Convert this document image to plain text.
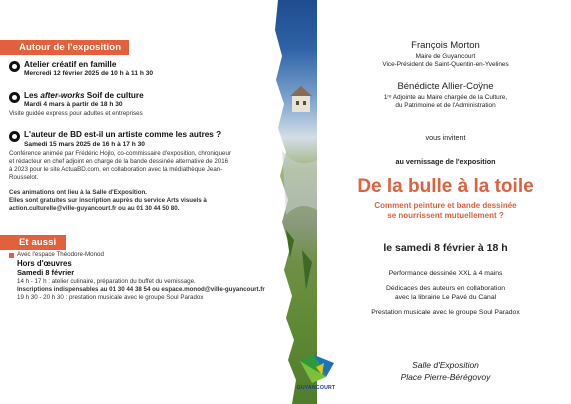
Autour de l'exposition
Atelier créatif en famille
Mercredi 12 février 2025 de 10 h à 11 h 30
Les after-works Soif de culture
Mardi 4 mars à partir de 18 h 30
Visite guidée express pour adultes et entreprises
L'auteur de BD est-il un artiste comme les autres ?
Samedi 15 mars 2025 de 16 h à 17 h 30
Conférence animée par Frédéric Hojlo, co-commissaire d'exposition, chroniqueur
et rédacteur en chef adjoint en charge de la bande dessinée alternative de 2016
à 2023 pour le site ActuaBD.com, en collaboration avec la médiathèque Jean-
Rousselot.
Ces animations ont lieu à la Salle d'Exposition.
Elles sont gratuites sur inscription auprès du service Arts visuels à
action.culturelle@ville-guyancourt.fr ou au 01 30 44 50 80.
Et aussi
Avec l'espace Théodore-Monod
Hors d'œuvres
Samedi 8 février
14 h - 17 h : atelier culinaire, préparation du buffet du vernissage.
Inscriptions indispensables au 01 30 44 38 54 ou espace.monod@ville-guyancourt.fr
19 h 30 - 20 h 30 : prestation musicale avec le groupe Soul Paradox
François Morton
Maire de Guyancourt
Vice-Président de Saint-Quentin-en-Yvelines
Bénédicte Allier-Coÿne
1ʳᵉ Adjointe au Maire chargée de la Culture,
du Patrimoine et de l'Administration
vous invitent
au vernissage de l'exposition
De la bulle à la toile
Comment peinture et bande dessinée
se nourrissent mutuellement ?
le samedi 8 février à 18 h
Performance dessinée XXL à 4 mains
Dédicaces des auteurs en collaboration
avec la librairie Le Pavé du Canal
Prestation musicale avec le groupe Soul Paradox
Salle d'Exposition
Place Pierre-Bérégovoy
GUYANCOURT
